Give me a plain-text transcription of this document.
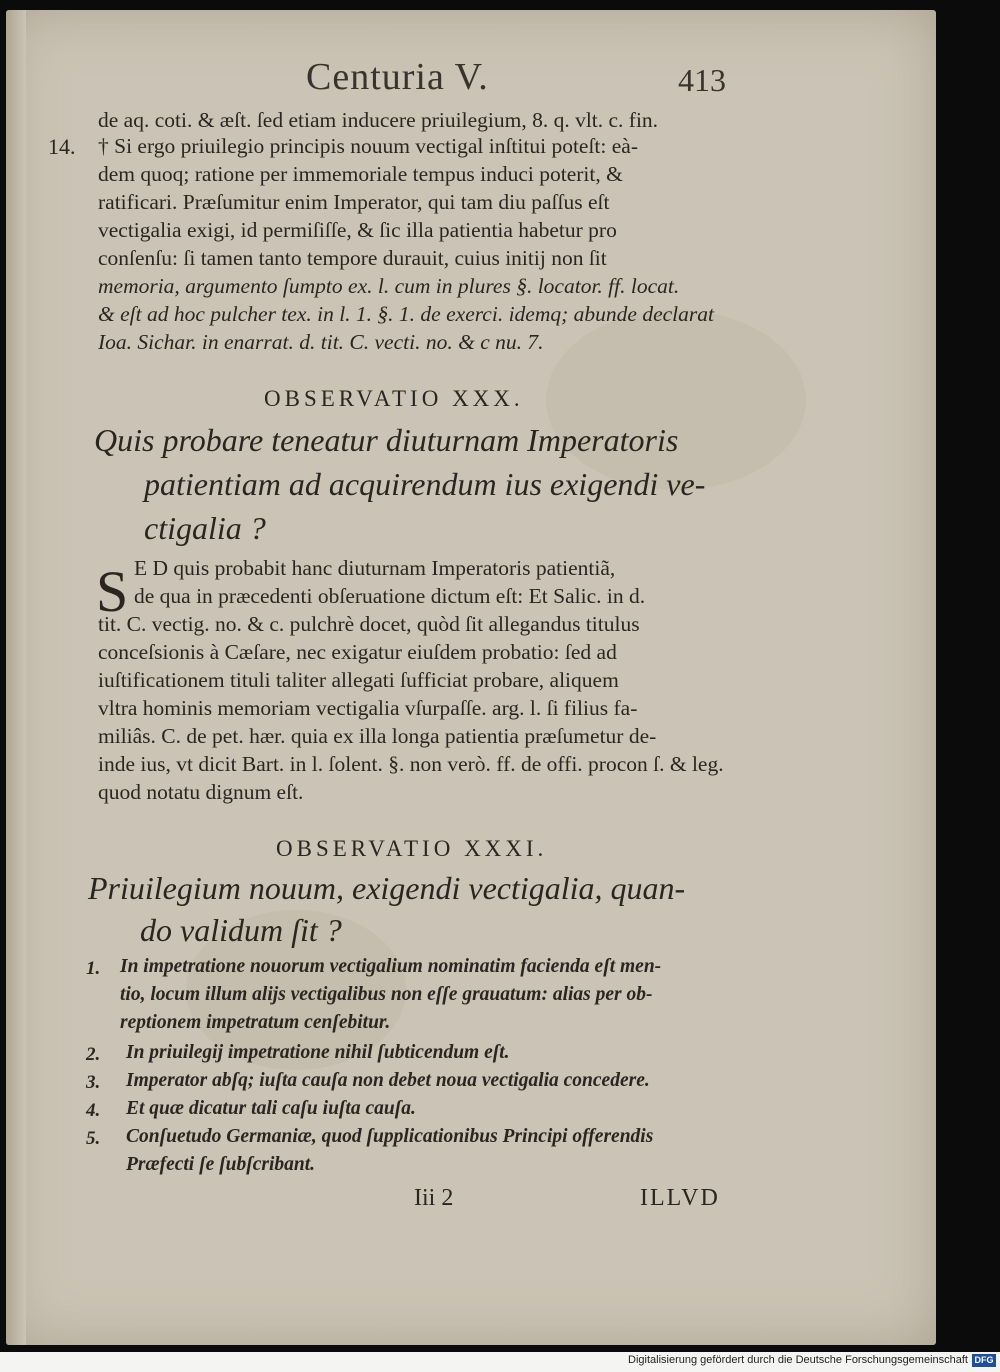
Centuria V.	413
14.
de aq. coti. & æſt. ſed etiam inducere priuilegium, 8. q. vlt. c. fin.
† Si ergo priuilegio principis nouum vectigal inſtitui poteſt: eà-
dem quoq; ratione per immemoriale tempus induci poterit, &
ratificari. Præſumitur enim Imperator, qui tam diu paſſus eſt
vectigalia exigi, id permiſiſſe, & ſic illa patientia habetur pro
conſenſu: ſi tamen tanto tempore durauit, cuius initij non ſit
memoria, argumento ſumpto ex. l. cum in plures §. locator. ff. locat.
& eſt ad hoc pulcher tex. in l. 1. §. 1. de exerci. idemq; abunde declarat
Ioa. Sichar. in enarrat. d. tit. C. vecti. no. & c nu. 7.
OBSERVATIO XXX.
Quis probare teneatur diuturnam Imperatoris
patientiam ad acquirendum ius exigendi ve-
ctigalia ?
S E D quis probabit hanc diuturnam Imperatoris patientiã,
de qua in præcedenti obſeruatione dictum eſt: Et Salic. in d.
tit. C. vectig. no. & c. pulchrè docet, quòd ſit allegandus titulus
conceſsionis à Cæſare, nec exigatur eiuſdem probatio: ſed ad
iuſtificationem tituli taliter allegati ſufficiat probare, aliquem
vltra hominis memoriam vectigalia vſurpaſſe. arg. l. ſi filius fa-
miliâs. C. de pet. hær. quia ex illa longa patientia præſumetur de-
inde ius, vt dicit Bart. in l. ſolent. §. non verò. ff. de offi. procon ſ. & leg.
quod notatu dignum eſt.
OBSERVATIO XXXI.
Priuilegium nouum, exigendi vectigalia, quan-
do validum ſit ?
1. In impetratione nouorum vectigalium nominatim facienda eſt men-
tio, locum illum alijs vectigalibus non eſſe grauatum: alias per ob-
reptionem impetratum cenſebitur.
2. In priuilegij impetratione nihil ſubticendum eſt.
3. Imperator abſq; iuſta cauſa non debet noua vectigalia concedere.
4. Et quæ dicatur tali caſu iuſta cauſa.
5. Conſuetudo Germaniæ, quod ſupplicationibus Principi offerendis
Præfecti ſe ſubſcribant.
Iii 2	ILLVD
Digitalisierung gefördert durch die Deutsche Forschungsgemeinschaft DFG
